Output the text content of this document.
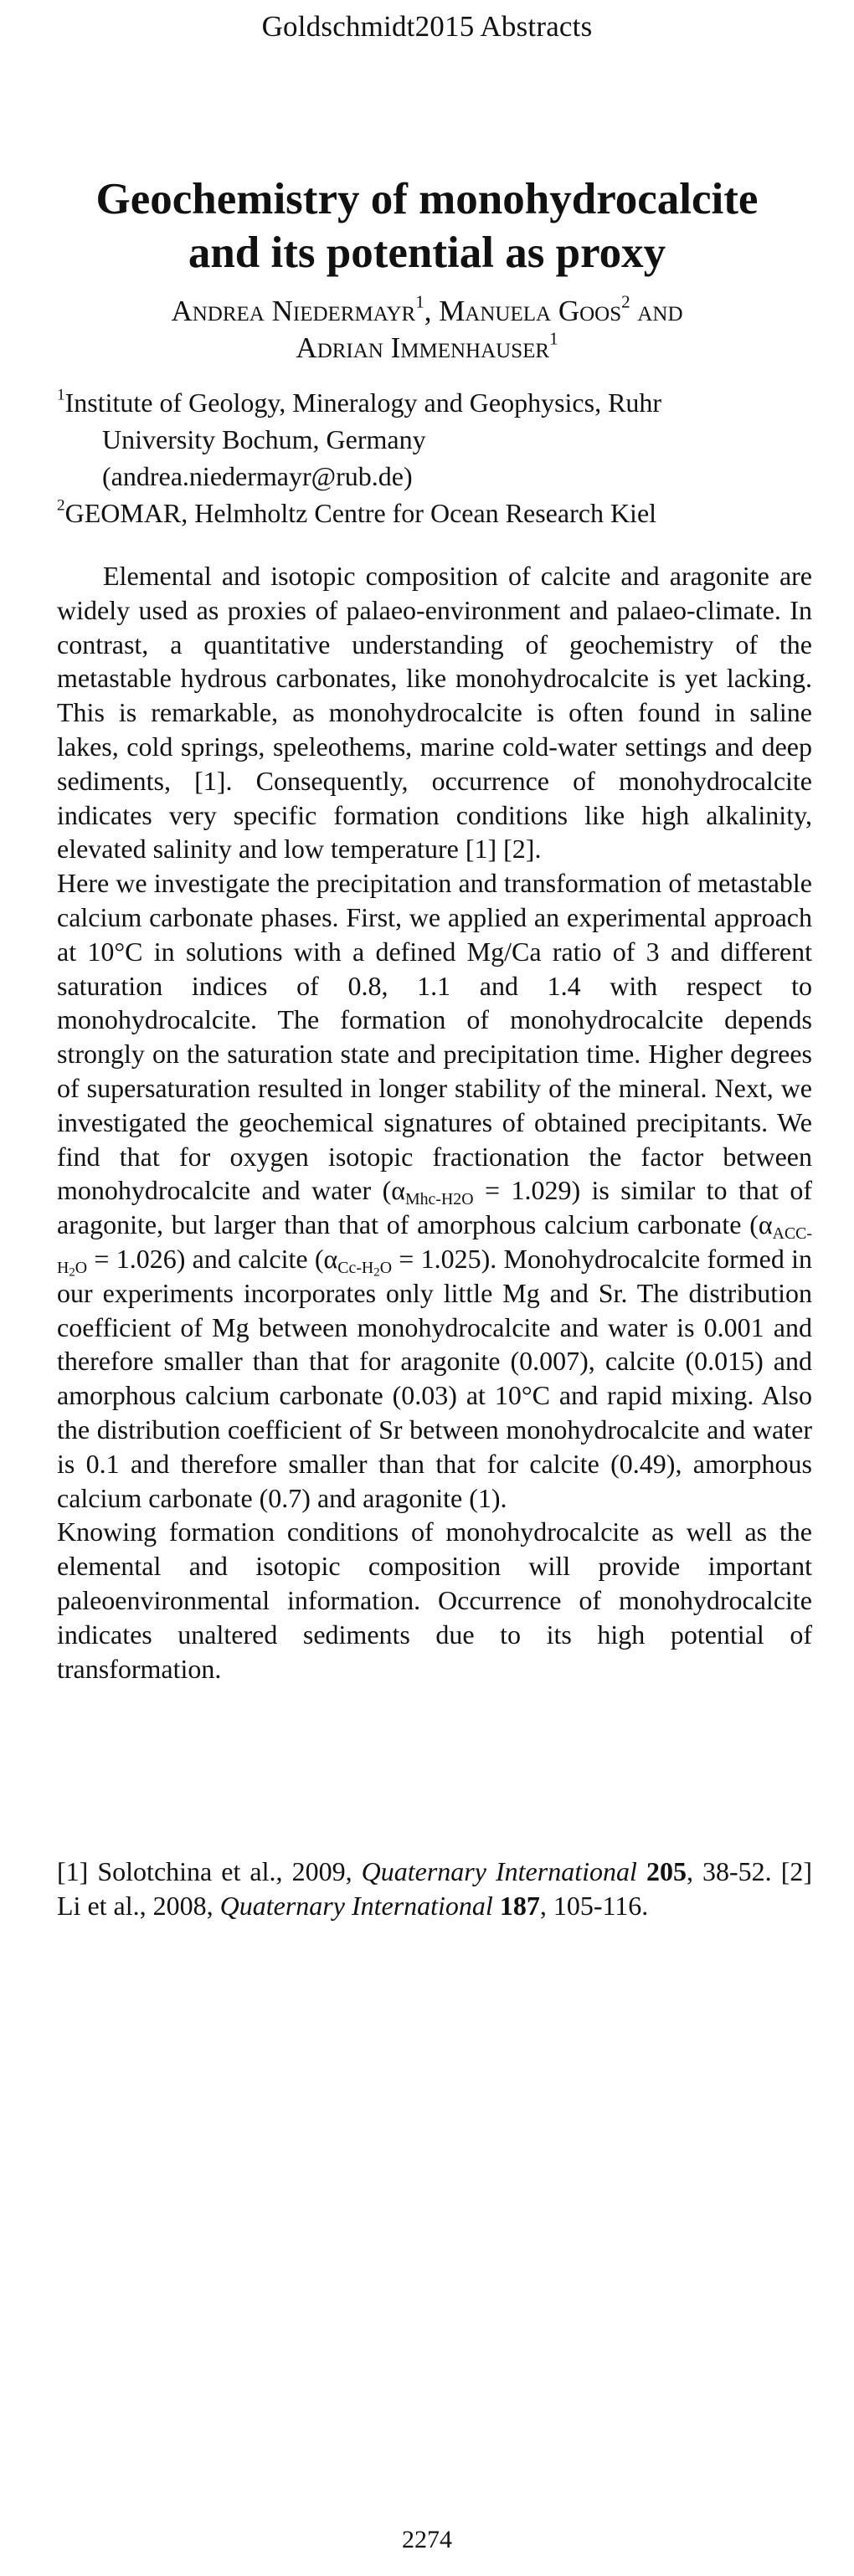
Goldschmidt2015 Abstracts
Geochemistry of monohydrocalcite
and its potential as proxy
Andrea Niedermayr$^1$, Manuela Goos$^2$ and
Adrian Immenhauser$^1$
$^1$Institute of Geology, Mineralogy and Geophysics, Ruhr
University Bochum, Germany
(andrea.niedermayr@rub.de)
$^2$GEOMAR, Helmholtz Centre for Ocean Research Kiel

Elemental and isotopic composition of calcite and aragonite are widely used as proxies of palaeo-environment and palaeo-climate. In contrast, a quantitative understanding of geochemistry of the metastable hydrous carbonates, like monohydrocalcite is yet lacking. This is remarkable, as monohydrocalcite is often found in saline lakes, cold springs, speleothems, marine cold-water settings and deep sediments, [1]. Consequently, occurrence of monohydrocalcite indicates very specific formation conditions like high alkalinity, elevated salinity and low temperature [1] [2].

Here we investigate the precipitation and transformation of metastable calcium carbonate phases. First, we applied an experimental approach at 10°C in solutions with a defined Mg/Ca ratio of 3 and different saturation indices of 0.8, 1.1 and 1.4 with respect to monohydrocalcite. The formation of monohydrocalcite depends strongly on the saturation state and precipitation time. Higher degrees of supersaturation resulted in longer stability of the mineral. Next, we investigated the geochemical signatures of obtained precipitants. We find that for oxygen isotopic fractionation the factor between monohydrocalcite and water $(\alpha_{Mhc-H2O} = 1.029)$ is similar to that of aragonite, but larger than that of amorphous calcium carbonate $(\alpha_{ACC-H_2O} = 1.026)$ and calcite $(\alpha_{Cc-H_2O} = 1.025)$. Monohydrocalcite formed in our experiments incorporates only little Mg and Sr. The distribution coefficient of Mg between monohydrocalcite and water is 0.001 and therefore smaller than that for aragonite (0.007), calcite (0.015) and amorphous calcium carbonate (0.03) at 10°C and rapid mixing. Also the distribution coefficient of Sr between monohydrocalcite and water is 0.1 and therefore smaller than that for calcite (0.49), amorphous calcium carbonate (0.7) and aragonite (1).

Knowing formation conditions of monohydrocalcite as well as the elemental and isotopic composition will provide important paleoenvironmental information. Occurrence of monohydrocalcite indicates unaltered sediments due to its high potential of transformation.

[1] Solotchina et al., 2009, Quaternary International 205, 38-52. [2] Li et al., 2008, Quaternary International 187, 105-116.

2274
